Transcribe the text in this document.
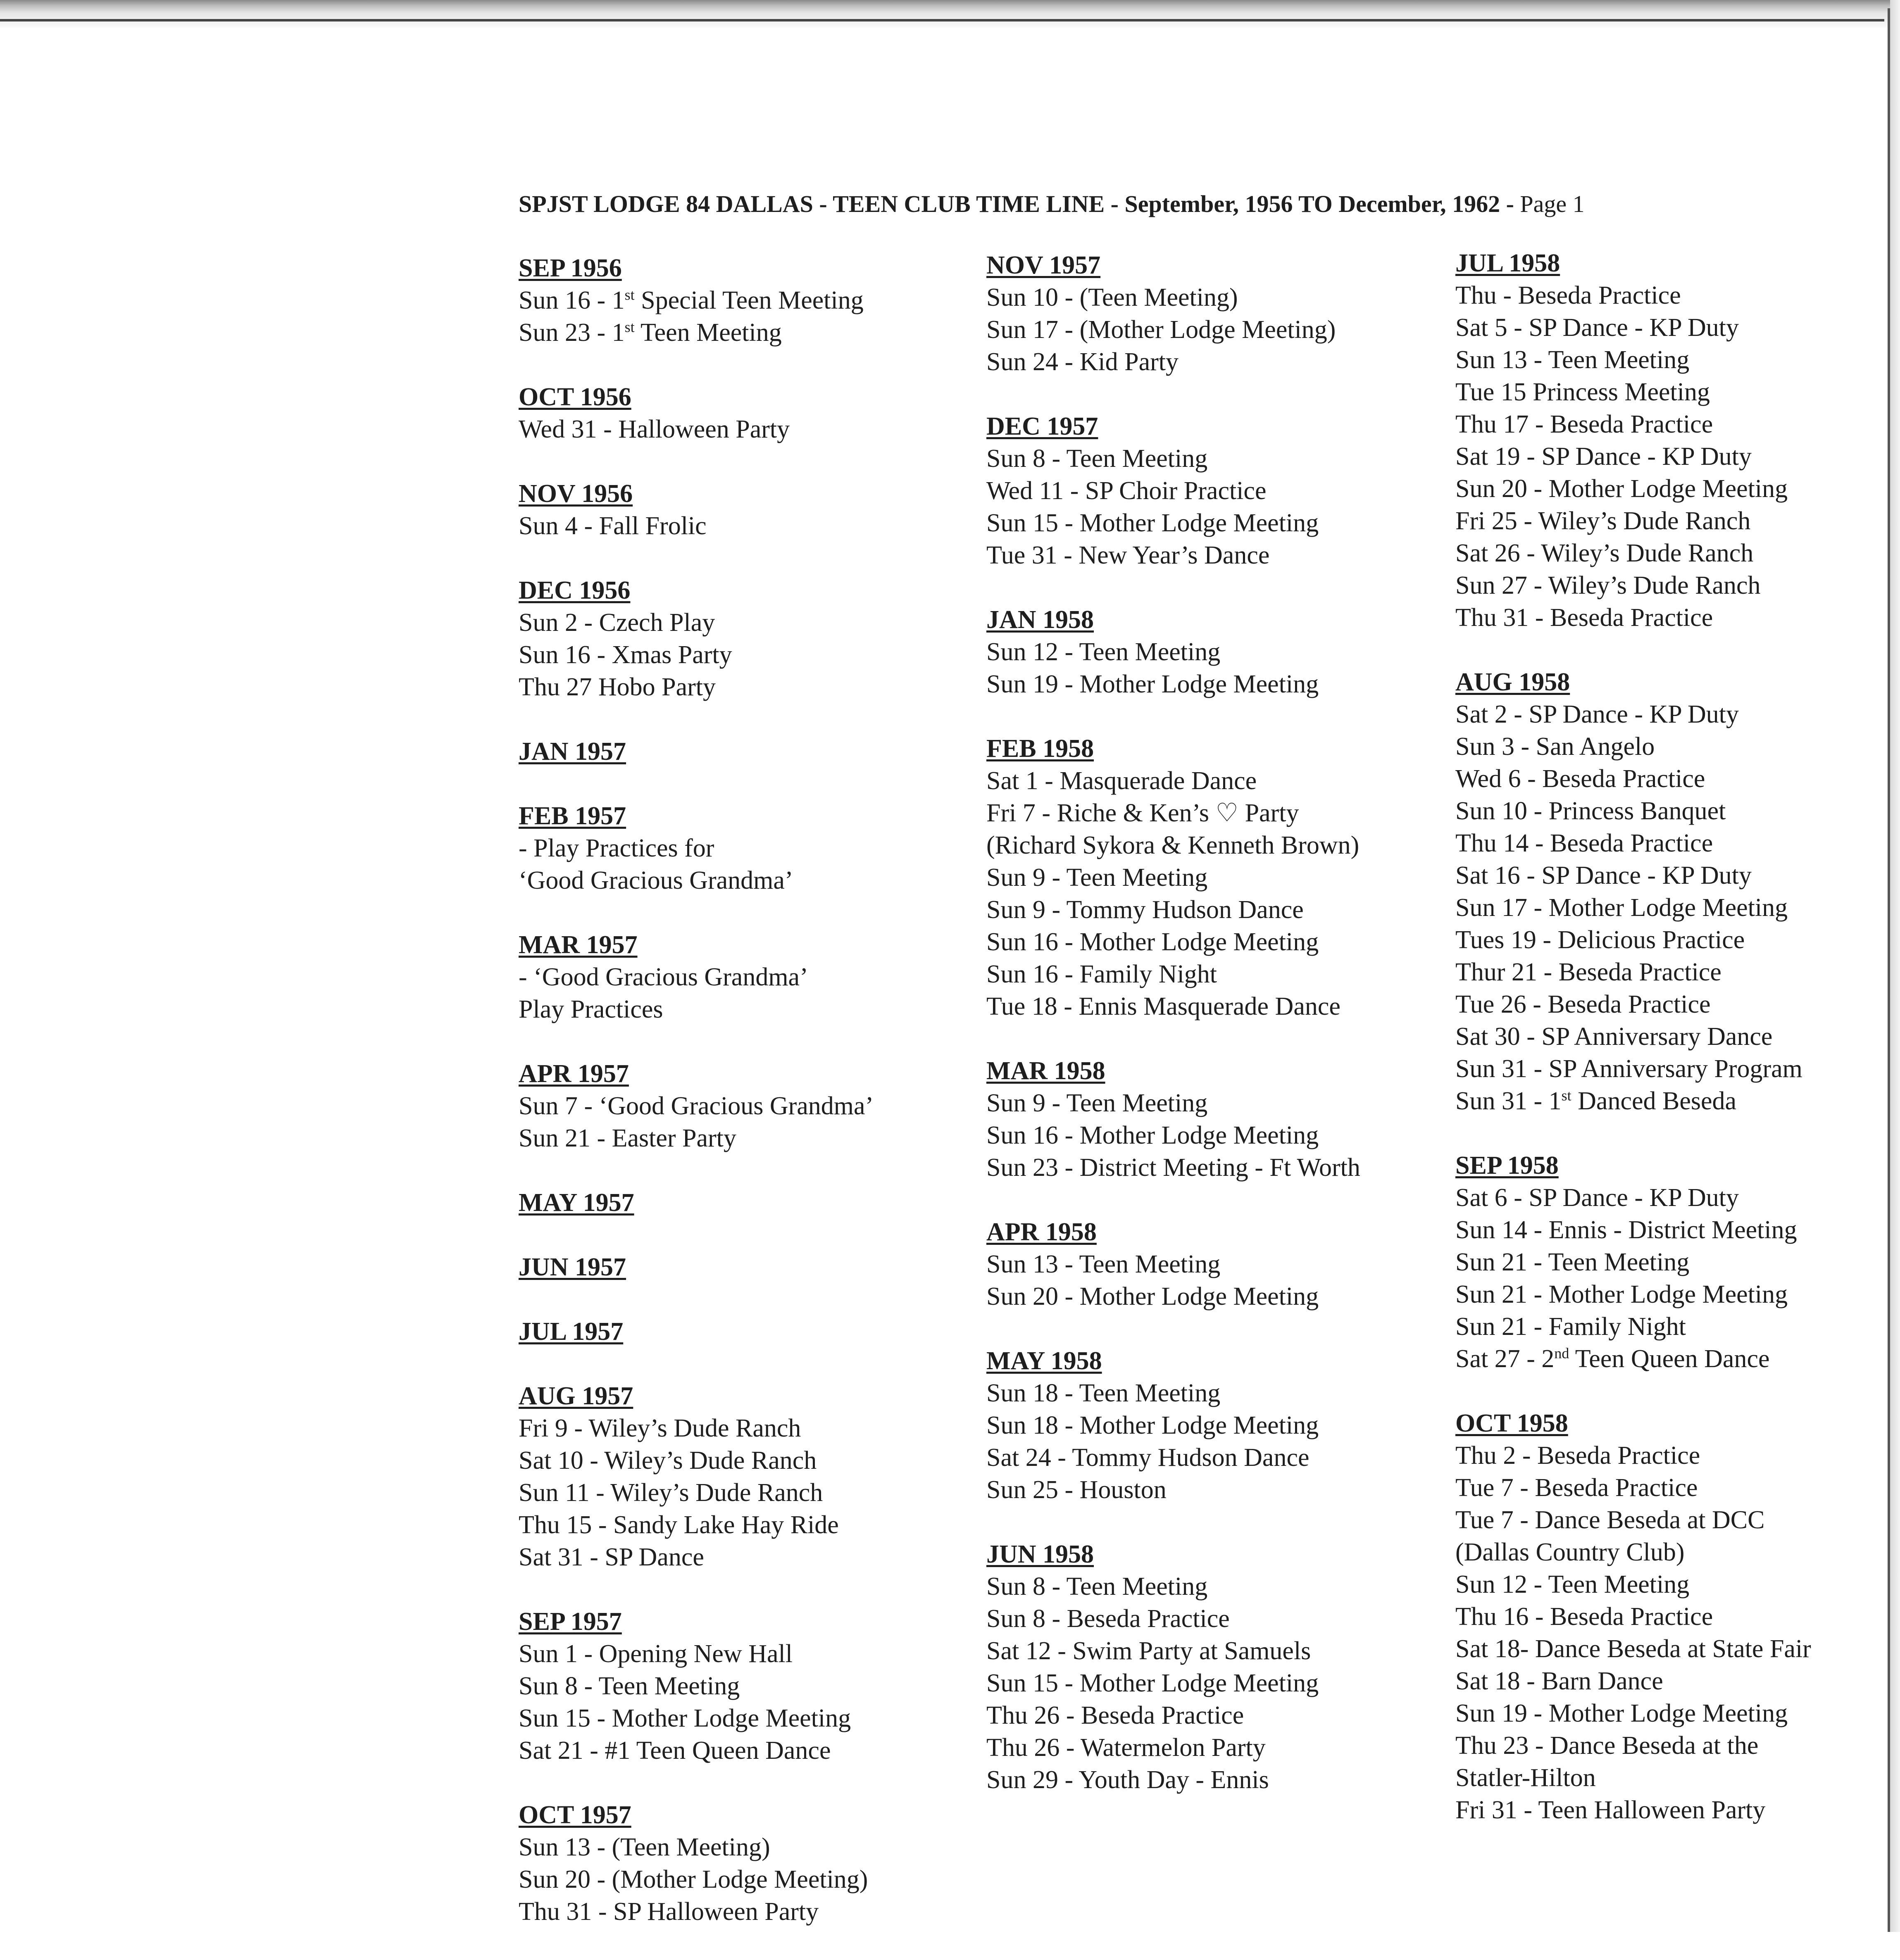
SPJST LODGE 84 DALLAS - TEEN CLUB TIME LINE - September, 1956 TO December, 1962 - Page 1
SEP 1956
Sun 16 - 1st Special Teen Meeting
Sun 23 - 1st Teen Meeting
OCT 1956
Wed 31 - Halloween Party
NOV 1956
Sun 4 - Fall Frolic
DEC 1956
Sun 2 - Czech Play
Sun 16 - Xmas Party
Thu 27 Hobo Party
JAN 1957
FEB 1957
- Play Practices for
‘Good Gracious Grandma’
MAR 1957
- ‘Good Gracious Grandma’
Play Practices
APR 1957
Sun 7 - ‘Good Gracious Grandma’
Sun 21 - Easter Party
MAY 1957
JUN 1957
JUL 1957
AUG 1957
Fri 9 - Wiley’s Dude Ranch
Sat 10 - Wiley’s Dude Ranch
Sun 11 - Wiley’s Dude Ranch
Thu 15 - Sandy Lake Hay Ride
Sat 31 - SP Dance
SEP 1957
Sun 1 - Opening New Hall
Sun 8 - Teen Meeting
Sun 15 - Mother Lodge Meeting
Sat 21 - #1 Teen Queen Dance
OCT 1957
Sun 13 - (Teen Meeting)
Sun 20 - (Mother Lodge Meeting)
Thu 31 - SP Halloween Party
NOV 1957
Sun 10 - (Teen Meeting)
Sun 17 - (Mother Lodge Meeting)
Sun 24 - Kid Party
DEC 1957
Sun 8 - Teen Meeting
Wed 11 - SP Choir Practice
Sun 15 - Mother Lodge Meeting
Tue 31 - New Year’s Dance
JAN 1958
Sun 12 - Teen Meeting
Sun 19 - Mother Lodge Meeting
FEB 1958
Sat 1 - Masquerade Dance
Fri 7 - Riche & Ken’s ♡ Party
(Richard Sykora & Kenneth Brown)
Sun 9 - Teen Meeting
Sun 9 - Tommy Hudson Dance
Sun 16 - Mother Lodge Meeting
Sun 16 - Family Night
Tue 18 - Ennis Masquerade Dance
MAR 1958
Sun 9 - Teen Meeting
Sun 16 - Mother Lodge Meeting
Sun 23 - District Meeting - Ft Worth
APR 1958
Sun 13 - Teen Meeting
Sun 20 - Mother Lodge Meeting
MAY 1958
Sun 18 - Teen Meeting
Sun 18 - Mother Lodge Meeting
Sat 24 - Tommy Hudson Dance
Sun 25 - Houston
JUN 1958
Sun 8 - Teen Meeting
Sun 8 - Beseda Practice
Sat 12 - Swim Party at Samuels
Sun 15 - Mother Lodge Meeting
Thu 26 - Beseda Practice
Thu 26 - Watermelon Party
Sun 29 - Youth Day - Ennis
JUL 1958
Thu - Beseda Practice
Sat 5 - SP Dance - KP Duty
Sun 13 - Teen Meeting
Tue 15 Princess Meeting
Thu 17 - Beseda Practice
Sat 19 - SP Dance - KP Duty
Sun 20 - Mother Lodge Meeting
Fri 25 - Wiley’s Dude Ranch
Sat 26 - Wiley’s Dude Ranch
Sun 27 - Wiley’s Dude Ranch
Thu 31 - Beseda Practice
AUG 1958
Sat 2 - SP Dance - KP Duty
Sun 3 - San Angelo
Wed 6 - Beseda Practice
Sun 10 - Princess Banquet
Thu 14 - Beseda Practice
Sat 16 - SP Dance - KP Duty
Sun 17 - Mother Lodge Meeting
Tues 19 - Delicious Practice
Thur 21 - Beseda Practice
Tue 26 - Beseda Practice
Sat 30 - SP Anniversary Dance
Sun 31 - SP Anniversary Program
Sun 31 - 1st Danced Beseda
SEP 1958
Sat 6 - SP Dance - KP Duty
Sun 14 - Ennis - District Meeting
Sun 21 - Teen Meeting
Sun 21 - Mother Lodge Meeting
Sun 21 - Family Night
Sat 27 - 2nd Teen Queen Dance
OCT 1958
Thu 2 - Beseda Practice
Tue 7 - Beseda Practice
Tue 7 - Dance Beseda at DCC
(Dallas Country Club)
Sun 12 - Teen Meeting
Thu 16 - Beseda Practice
Sat 18- Dance Beseda at State Fair
Sat 18 - Barn Dance
Sun 19 - Mother Lodge Meeting
Thu 23 - Dance Beseda at the
Statler-Hilton
Fri 31 - Teen Halloween Party
